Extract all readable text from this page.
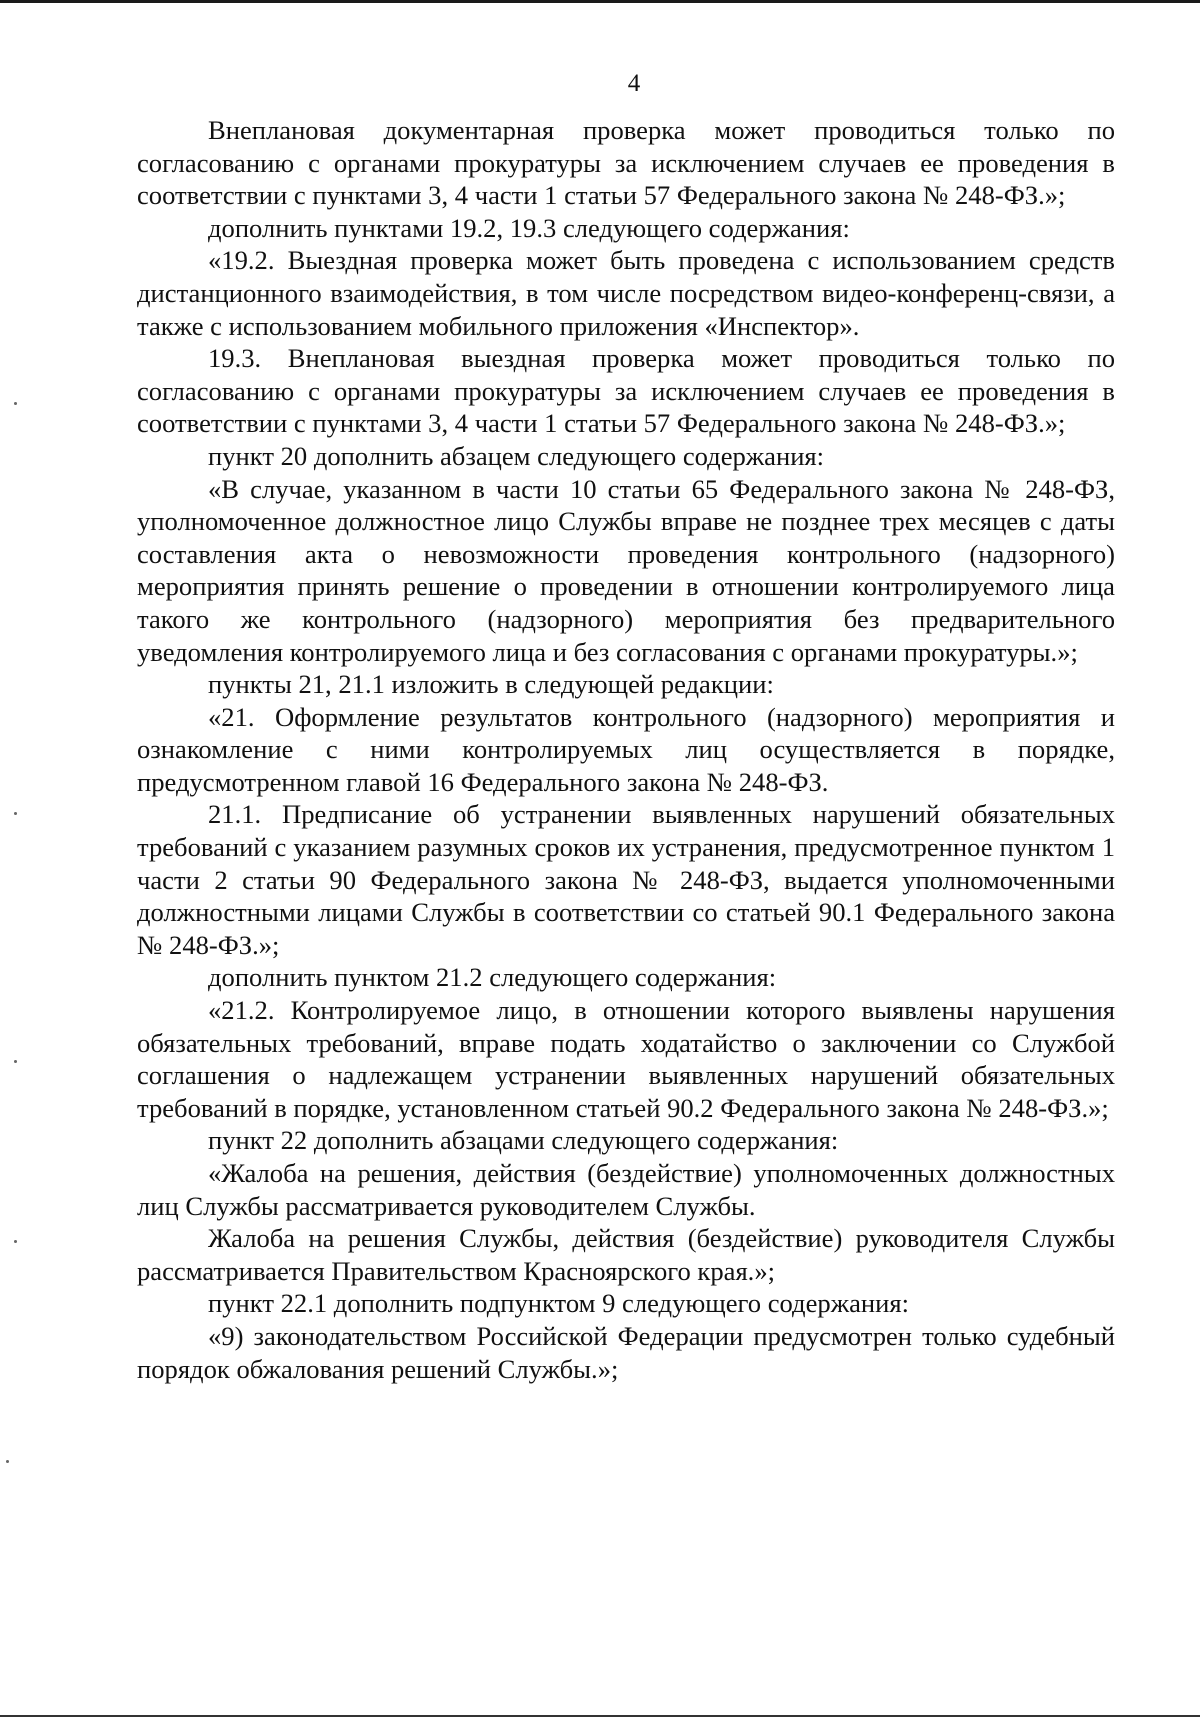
4

Внеплановая документарная проверка может проводиться только по согласованию с органами прокуратуры за исключением случаев ее проведения в соответствии с пунктами 3, 4 части 1 статьи 57 Федерального закона № 248-ФЗ.»;

дополнить пунктами 19.2, 19.3 следующего содержания:

«19.2. Выездная проверка может быть проведена с использованием средств дистанционного взаимодействия, в том числе посредством видео-конференц-связи, а также с использованием мобильного приложения «Инспектор».

19.3. Внеплановая выездная проверка может проводиться только по согласованию с органами прокуратуры за исключением случаев ее проведения в соответствии с пунктами 3, 4 части 1 статьи 57 Федерального закона № 248-ФЗ.»;

пункт 20 дополнить абзацем следующего содержания:

«В случае, указанном в части 10 статьи 65 Федерального закона № 248-ФЗ, уполномоченное должностное лицо Службы вправе не позднее трех месяцев с даты составления акта о невозможности проведения контрольного (надзорного) мероприятия принять решение о проведении в отношении контролируемого лица такого же контрольного (надзорного) мероприятия без предварительного уведомления контролируемого лица и без согласования с органами прокуратуры.»;

пункты 21, 21.1 изложить в следующей редакции:

«21. Оформление результатов контрольного (надзорного) мероприятия и ознакомление с ними контролируемых лиц осуществляется в порядке, предусмотренном главой 16 Федерального закона № 248-ФЗ.

21.1. Предписание об устранении выявленных нарушений обязательных требований с указанием разумных сроков их устранения, предусмотренное пунктом 1 части 2 статьи 90 Федерального закона № 248-ФЗ, выдается уполномоченными должностными лицами Службы в соответствии со статьей 90.1 Федерального закона № 248-ФЗ.»;

дополнить пунктом 21.2 следующего содержания:

«21.2. Контролируемое лицо, в отношении которого выявлены нарушения обязательных требований, вправе подать ходатайство о заключении со Службой соглашения о надлежащем устранении выявленных нарушений обязательных требований в порядке, установленном статьей 90.2 Федерального закона № 248-ФЗ.»;

пункт 22 дополнить абзацами следующего содержания:

«Жалоба на решения, действия (бездействие) уполномоченных должностных лиц Службы рассматривается руководителем Службы.

Жалоба на решения Службы, действия (бездействие) руководителя Службы рассматривается Правительством Красноярского края.»;

пункт 22.1 дополнить подпунктом 9 следующего содержания:

«9) законодательством Российской Федерации предусмотрен только судебный порядок обжалования решений Службы.»;
